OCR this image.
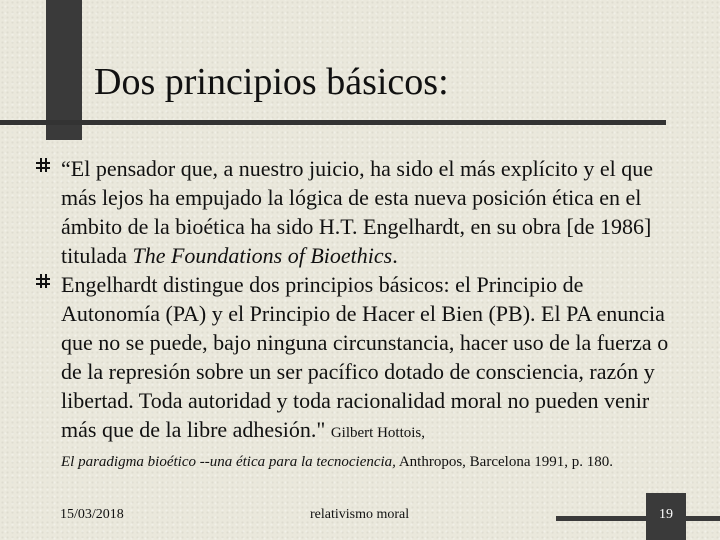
Dos principios básicos:
“El pensador que, a nuestro juicio, ha sido el más explícito y el que más lejos ha empujado la lógica de esta nueva posición ética en el ámbito de la bioética ha sido H.T. Engelhardt, en su obra [de 1986] titulada The Foundations of Bioethics.
Engelhardt distingue dos principios básicos: el Principio de Autonomía (PA) y el Principio de Hacer el Bien (PB). El PA enuncia que no se puede, bajo ninguna circunstancia, hacer uso de la fuerza o de la represión sobre un ser pacífico dotado de consciencia, razón y libertad. Toda autoridad y toda racionalidad moral no pueden venir más que de la libre adhesión." Gilbert Hottois,
El paradigma bioético --una ética para la tecnociencia, Anthropos, Barcelona 1991, p. 180.
15/03/2018	relativismo moral	19
